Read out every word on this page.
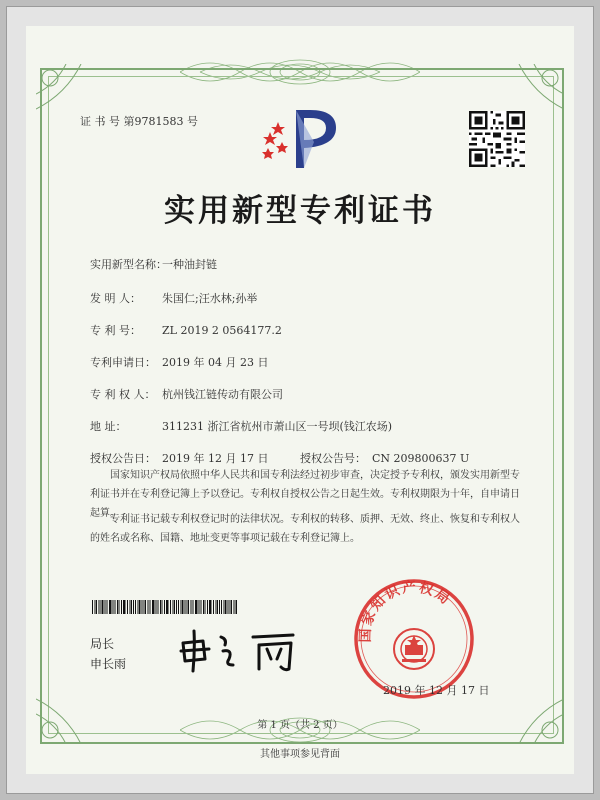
证 书 号 第9781583 号
实用新型专利证书
实用新型名称：一种油封链
发 明 人： 朱国仁;汪水林;孙举
专 利 号： ZL 2019 2 0564177.2
专利申请日： 2019 年 04 月 23 日
专 利 权 人： 杭州钱江链传动有限公司
地 址：	311231 浙江省杭州市萧山区一号坝(钱江农场)
授权公告日： 2019 年 12 月 17 日	授权公告号： CN 209800637 U
国家知识产权局依照中华人民共和国专利法经过初步审查，决定授予专利权，颁发实用新型专利证书并在专利登记簿上予以登记。专利权自授权公告之日起生效。专利权期限为十年，自申请日起算。
专利证书记载专利权登记时的法律状况。专利权的转移、质押、无效、终止、恢复和专利权人的姓名或名称、国籍、地址变更等事项记载在专利登记簿上。
局长
申长雨
国家知识产权局
2019 年 12 月 17 日
第 1 页（共 2 页）
其他事项参见背面
